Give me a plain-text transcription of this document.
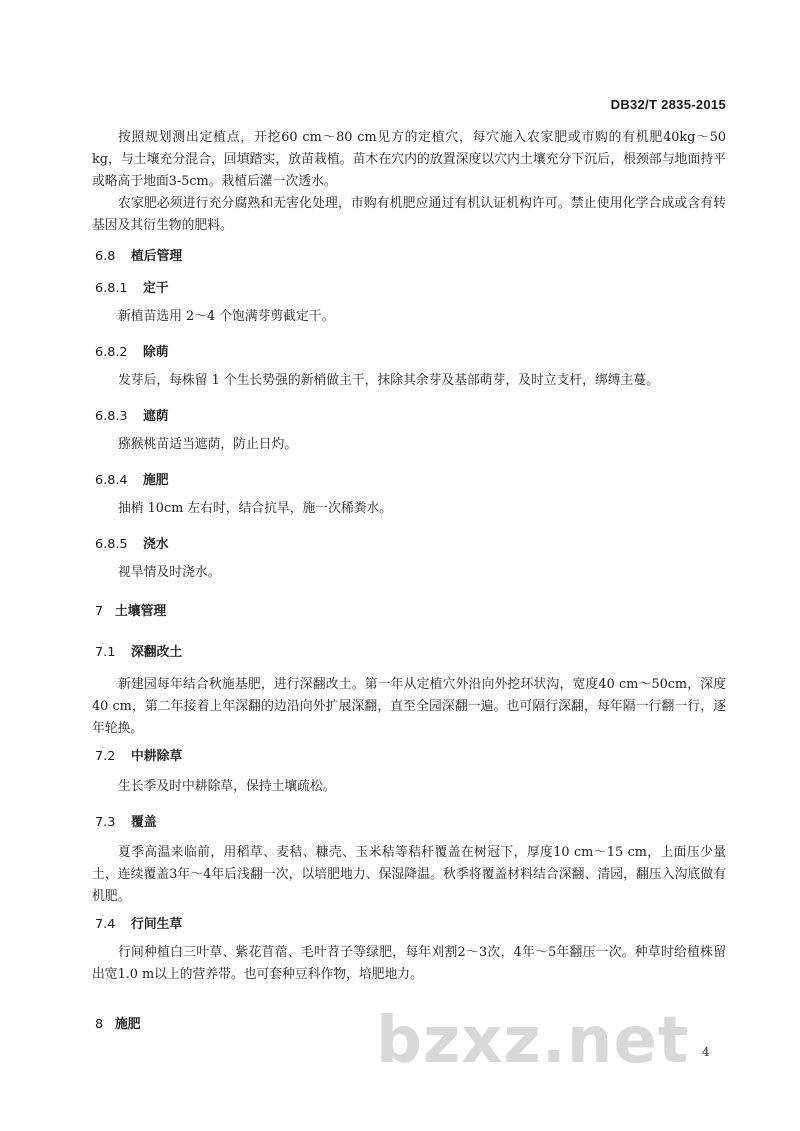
DB32/T 2835-2015
按照规划测出定植点，开挖60 cm～80 cm见方的定植穴，每穴施入农家肥或市购的有机肥40kg～50 kg，与土壤充分混合，回填踏实，放苗栽植。苗木在穴内的放置深度以穴内土壤充分下沉后，根颈部与地面持平或略高于地面3-5cm。栽植后灌一次透水。
农家肥必须进行充分腐熟和无害化处理，市购有机肥应通过有机认证机构许可。禁止使用化学合成或含有转基因及其衍生物的肥料。
6.8 植后管理
6.8.1 定干
新植苗选用 2～4 个饱满芽剪截定干。
6.8.2 除萌
发芽后，每株留 1 个生长势强的新梢做主干，抹除其余芽及基部萌芽，及时立支杆，绑缚主蔓。
6.8.3 遮荫
猕猴桃苗适当遮荫，防止日灼。
6.8.4 施肥
抽梢 10cm 左右时，结合抗旱，施一次稀粪水。
6.8.5 浇水
视旱情及时浇水。
7 土壤管理
7.1 深翻改土
新建园每年结合秋施基肥，进行深翻改土。第一年从定植穴外沿向外挖环状沟，宽度40 cm～50cm，深度40 cm，第二年接着上年深翻的边沿向外扩展深翻，直至全园深翻一遍。也可隔行深翻，每年隔一行翻一行，逐年轮换。
7.2 中耕除草
生长季及时中耕除草，保持土壤疏松。
7.3 覆盖
夏季高温来临前，用稻草、麦秸、糠壳、玉米秸等秸秆覆盖在树冠下，厚度10 cm～15 cm，上面压少量土，连续覆盖3年～4年后浅翻一次，以培肥地力、保湿降温。秋季将覆盖材料结合深翻、清园，翻压入沟底做有机肥。
7.4 行间生草
行间种植白三叶草、紫花苜蓿、毛叶苕子等绿肥，每年刈割2～3次，4年～5年翻压一次。种草时给植株留出宽1.0 m以上的营养带。也可套种豆科作物，培肥地力。
8 施肥	bzxz.net 4
